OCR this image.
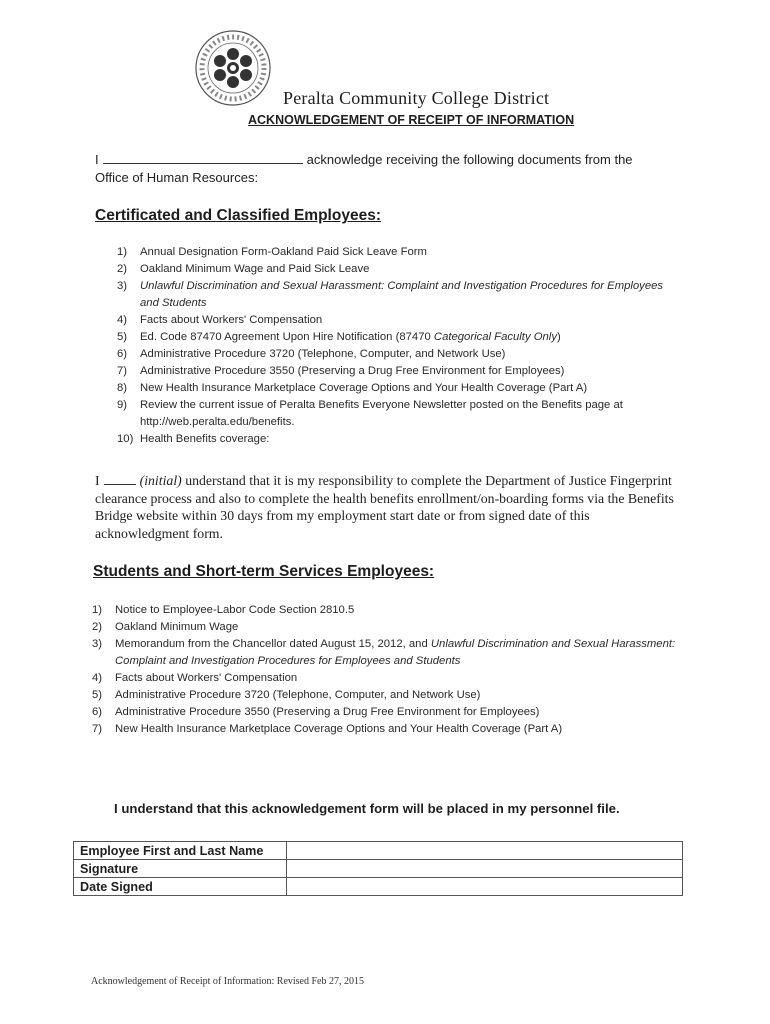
Peralta Community College District
ACKNOWLEDGEMENT OF RECEIPT OF INFORMATION
I	acknowledge receiving the following documents from the
Office of Human Resources:
Certificated and Classified Employees:
1)	Annual Designation Form-Oakland Paid Sick Leave Form
2)	Oakland Minimum Wage and Paid Sick Leave
3)	Unlawful Discrimination and Sexual Harassment: Complaint and Investigation Procedures for Employees and Students
4)	Facts about Workers' Compensation
5)	Ed. Code 87470 Agreement Upon Hire Notification (87470 Categorical Faculty Only)
6)	Administrative Procedure 3720 (Telephone, Computer, and Network Use)
7)	Administrative Procedure 3550 (Preserving a Drug Free Environment for Employees)
8)	New Health Insurance Marketplace Coverage Options and Your Health Coverage (Part A)
9)	Review the current issue of Peralta Benefits Everyone Newsletter posted on the Benefits page at http://web.peralta.edu/benefits.
10) Health Benefits coverage:
I	(initial) understand that it is my responsibility to complete the Department of Justice Fingerprint clearance process and also to complete the health benefits enrollment/on-boarding forms via the Benefits Bridge website within 30 days from my employment start date or from signed date of this acknowledgment form.
Students and Short-term Services Employees:
1)	Notice to Employee-Labor Code Section 2810.5
2)	Oakland Minimum Wage
3)	Memorandum from the Chancellor dated August 15, 2012, and Unlawful Discrimination and Sexual Harassment: Complaint and Investigation Procedures for Employees and Students
4)	Facts about Workers' Compensation
5)	Administrative Procedure 3720 (Telephone, Computer, and Network Use)
6)	Administrative Procedure 3550 (Preserving a Drug Free Environment for Employees)
7)	New Health Insurance Marketplace Coverage Options and Your Health Coverage (Part A)
I understand that this acknowledgement form will be placed in my personnel file.
Employee First and Last Name	
Signature	
Date Signed	
Acknowledgement of Receipt of Information: Revised Feb 27, 2015
